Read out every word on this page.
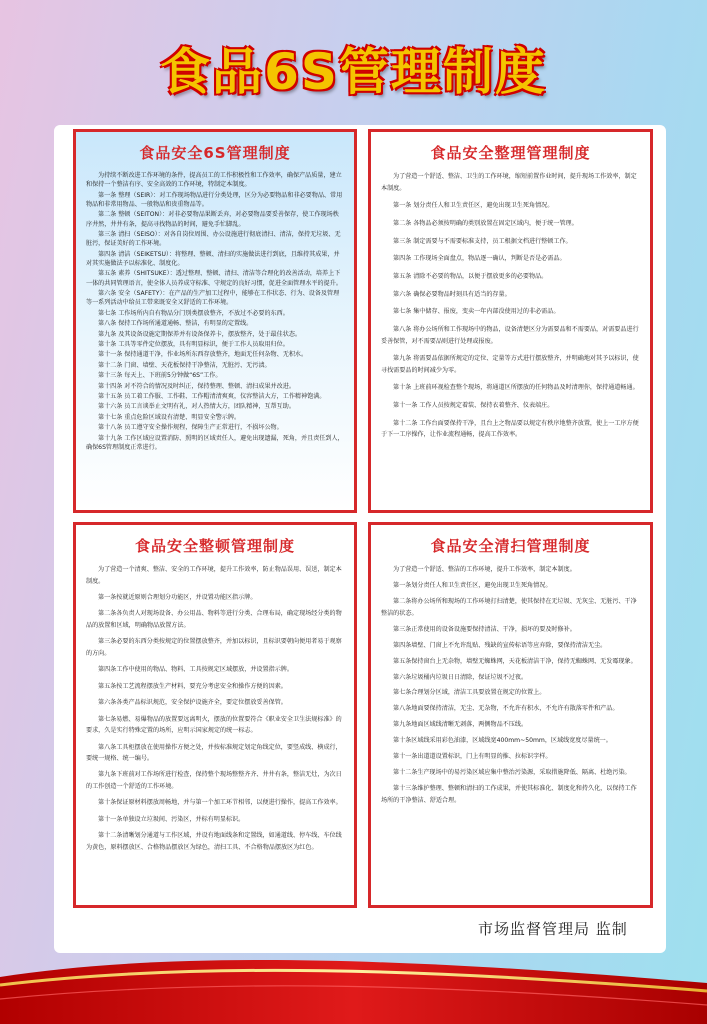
食品6S管理制度
食品安全6S管理制度

为持续不断改进工作环境的条件，提高员工的工作积极性和工作效率，确保产品质量，建立和保持一个整洁有序、安全高效的工作环境，特制定本制度。

第一条 整理（SEIR）：对工作现场物品进行分类处理，区分为必要物品和非必要物品、常用物品和非常用物品、一般物品和贵重物品等。

第二条 整顿（SEITON）：对非必要物品果断丢弃，对必要物品要妥善保存，使工作现场秩序井然，井井有条，提高寻找物品的时间，避免手忙脚乱。

第三条 清扫（SEISO）：对各自岗位周围、办公设施进行彻底清扫、清洁，保持无垃圾、无脏污，保证美好的工作环境。

第四条 清洁（SEIKETSU）：将整理、整顿、清扫的实施做法进行到底，且维持其成果，并对其实施做法予以标准化、制度化。

第五条 素养（SHITSUKE）：透过整理、整顿、清扫、清洁等合理化的改善活动，培养上下一体的共同管理语言，使全体人员养成守标准、守规定的良好习惯，促进全面管理水平的提升。

第六条 安全（SAFETY）：在产品的生产加工过程中，能够在工作状态、行为、设备及管理等一系列活动中给员工带来既安全又舒适的工作环境。

第七条 工作场所内自有物品分门别类摆放整齐，不放过不必要的东西。

第八条 保持工作场所通道通畅、整洁，有明显的定置线。

第九条 及其设备设施定期保养并有设备保养卡，摆放整齐，处于最佳状态。

第十条 工具等零件定位摆放，具有明显标识，便于工作人员取用归位。

第十一条 保持通道干净，作业场所东西存放整齐，地面无任何杂物、无积水。

第十二条 门窗、墙壁、天花板保持干净整洁，无脏污、无污渍。

第十三条 每天上、下班前5分钟做“6S”工作。

第十四条 对不符合的情况及时纠正，保持整理、整顿、清扫成果并改进。

第十五条 员工着工作服、工作鞋、工作帽清清爽爽，仪容整洁大方，工作精神饱满。

第十六条 员工言谈举止文明有礼，对人热情大方，团队精神，互帮互助。

第十七条 重点危险区域设有清楚、明显安全警示牌。

第十八条 员工遵守安全操作规程，保障生产正常进行，不损坏公物。

第十九条 工作区域应设置消防、照明的区域责任人，避免出现遗漏，死角，并且责任到人，确保6S管理制度正常进行。

食品安全整理管理制度

为了营造一个舒适、整洁、卫生的工作环境，缩短前置作业时间，提升现场工作效率，制定本制度。

第一条 划分责任人和卫生责任区，避免出现卫生死角情况。

第二条 各物品必须按明确的类别放置在固定区域内，便于统一管理。

第三条 制定需要与不需要标准支持，员工根据文档进行整顿工作。

第四条 工作现场全面盘点，物品逐一确认，判断是否是必需品。

第五条 清除不必要的物品，以便于摆放更多的必要物品。

第六条 确保必要物品时刻具有适当的存量。

第七条 集中储存、报废，变卖一年内部没使用过的非必需品。

第八条 将办公场所和工作现场中的物品，设备清楚区分为需要品和不需要品，对需要品进行妥善保管，对不需要品则进行处理或报废。

第九条 将需要品依据所规定的定位、定量等方式进行摆放整齐，并明确地对其予以标识，使寻找需要品的时间减少为零。

第十条 上班前环视检查整个现场，将通道区所摆放的任何物品及时清理你，保持通道畅通。

第十一条 工作人员按规定着装、保持衣着整齐、仪表端庄。

第十二条 工作台面要保持干净，且台上之物品要以规定有秩序地整齐放置，使上一工序方便于下一工序操作，让作业流程通畅，提高工作效率。

食品安全整顿管理制度

为了营造一个清爽、整洁、安全的工作环境，提升工作效率，防止物品误用、误送，制定本制度。

第一条按就近原则合理划分功能区，并设置功能区指示牌。

第二条各负责人对现场设备、办公用品、物料等进行分类、合理布局，确定现场经分类的物品的放置和区域，明确物品放置方法。

第三条必要的东西分类按规定的位置摆放整齐，并加以标识，且标识要朝向便用者易于观察的方向。

第四条工作中使用的物品、物料、工具按规定区域摆放，并设置指示牌。

第五条按工艺流程摆放生产材料，要充分考虑安全和操作方便的因素。

第六条各类产品标识规范，安全保护设施齐全，要定位摆放妥善保管。

第七条易燃、易爆物品的放置要远离明火，摆放的位置要符合《职业安全卫生法规标准》的要求，久是实行特殊定置的场所，应明示国家规定的统一标志。

第八条工具柜摆放在使用操作方便之处，并按标准规定划定角线定位，要竖成线、横成行，要统一规格、统一编号。

第九条下班前对工作场所进行检查，保持整个现场整整齐齐、井井有条，整洁无灶，为次日的工作创造一个舒适的工作环境。

第十条保证原材料摆放周畅地，并与第一个加工环节相邻，以便进行操作，提高工作效率。

第十一条单独设立垃圾间、污染区，并标有明显标识。

第十二条清晰划分通道与工作区域，并设有地面线条和定置线，如通道线、停车线、车位线为黄色，原料摆放区、合格物品摆放区为绿色，清扫工具、不合格物品摆放区为红色。

食品安全清扫管理制度

为了营造一个舒适、整洁的工作环境，提升工作效率，制定本制度。

第一条划分责任人和卫生责任区，避免出现卫生死角情况。

第二条将办公场所和现场的工作环境打扫清楚，使其保持在无垃圾、无灰尘、无脏污、干净整洁的状态。

第三条正常使用的设备设施要保持清洁、干净，损坏的要及时修补。

第四条墙壁、门窗上不允许乱贴、残缺的宣传标语等应弃除，要保持清洁无尘。

第五条保持窗台上无杂物，墙壁无蜘蛛网，天花板清洁干净，保持无蜘蛛网、无发霉现象。

第六条垃圾桶内垃圾日日清除，保证垃圾不过夜。

第七条合理划分区域，清洁工具要放置在规定的位置上。

第八条地面要保持清洁，无尘、无杂物，不允许有积水，不允许有散落零件和产品。

第九条地面区域线清晰无剥落，两侧物品不压线。

第十条区域线采用彩色油漆，区域线宽400mm~50mm，区域线宽度尽量统一。

第十一条出道道设置标识，门上有明显的推、拉标识字样。

第十二条生产现场中的易污染区域应集中整治污染源，采取措施降低、隔离、杜绝污染。

第十三条维护整理、整顿和清扫的工作成果，并使其标准化、制度化和持久化，以保持工作场所的干净整洁、舒适合理。

市场监督管理局 监制
